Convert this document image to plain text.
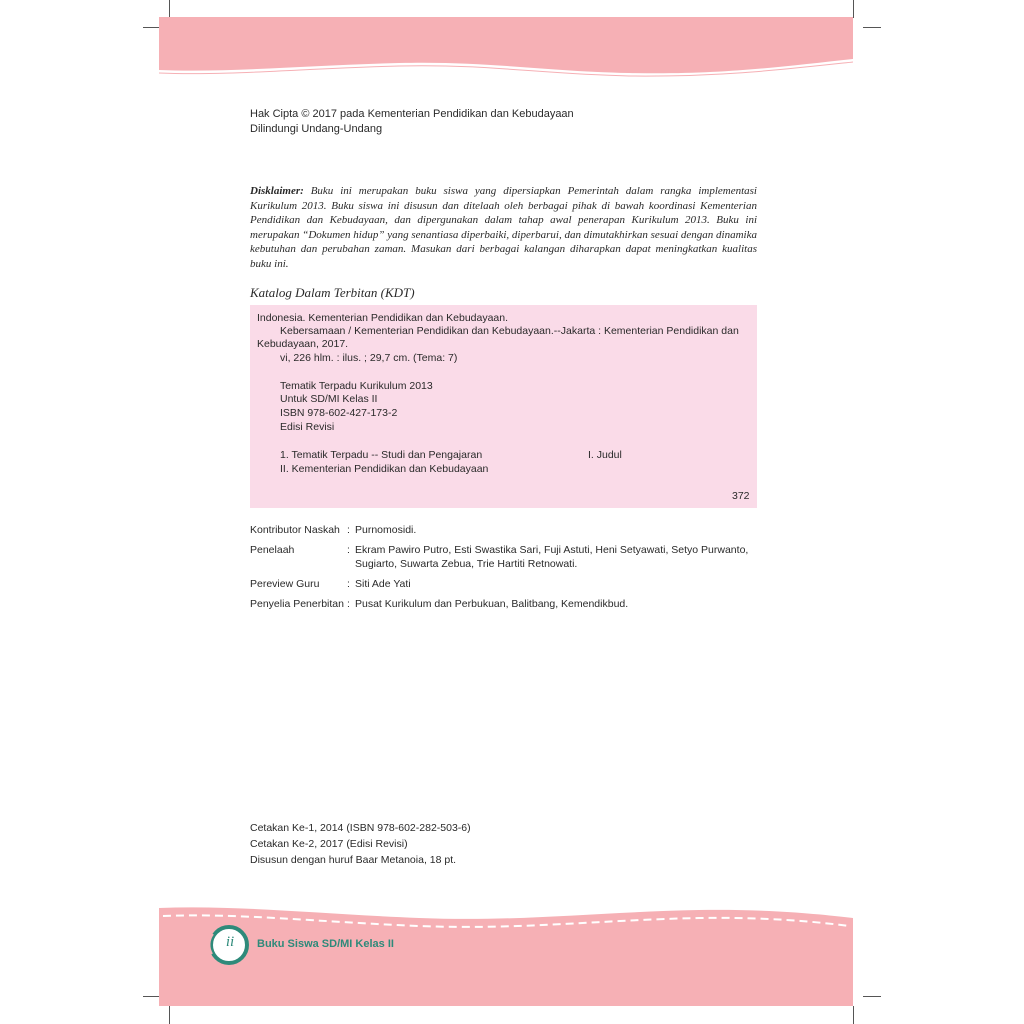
Hak Cipta © 2017 pada Kementerian Pendidikan dan Kebudayaan
Dilindungi Undang-Undang
Disklaimer: Buku ini merupakan buku siswa yang dipersiapkan Pemerintah dalam rangka implementasi Kurikulum 2013. Buku siswa ini disusun dan ditelaah oleh berbagai pihak di bawah koordinasi Kementerian Pendidikan dan Kebudayaan, dan dipergunakan dalam tahap awal penerapan Kurikulum 2013. Buku ini merupakan “Dokumen hidup” yang senantiasa diperbaiki, diperbarui, dan dimutakhirkan sesuai dengan dinamika kebutuhan dan perubahan zaman. Masukan dari berbagai kalangan diharapkan dapat meningkatkan kualitas buku ini.
Katalog Dalam Terbitan (KDT)
Indonesia. Kementerian Pendidikan dan Kebudayaan.
Kebersamaan / Kementerian Pendidikan dan Kebudayaan.--Jakarta : Kementerian Pendidikan dan
Kebudayaan, 2017.
vi, 226 hlm. : ilus. ; 29,7 cm. (Tema: 7)
Tematik Terpadu Kurikulum 2013
Untuk SD/MI Kelas II
ISBN 978-602-427-173-2
Edisi Revisi
1. Tematik Terpadu -- Studi dan Pengajaran	I. Judul
II. Kementerian Pendidikan dan Kebudayaan
372
Kontributor Naskah : Purnomosidi.
Penelaah	: Ekram Pawiro Putro, Esti Swastika Sari, Fuji Astuti, Heni Setyawati, Setyo Purwanto, Sugiarto, Suwarta Zebua, Trie Hartiti Retnowati.
Pereview Guru	: Siti Ade Yati
Penyelia Penerbitan : Pusat Kurikulum dan Perbukuan, Balitbang, Kemendikbud.
Cetakan Ke-1, 2014 (ISBN 978-602-282-503-6)
Cetakan Ke-2, 2017 (Edisi Revisi)
Disusun dengan huruf Baar Metanoia, 18 pt.
ii	Buku Siswa SD/MI Kelas II
